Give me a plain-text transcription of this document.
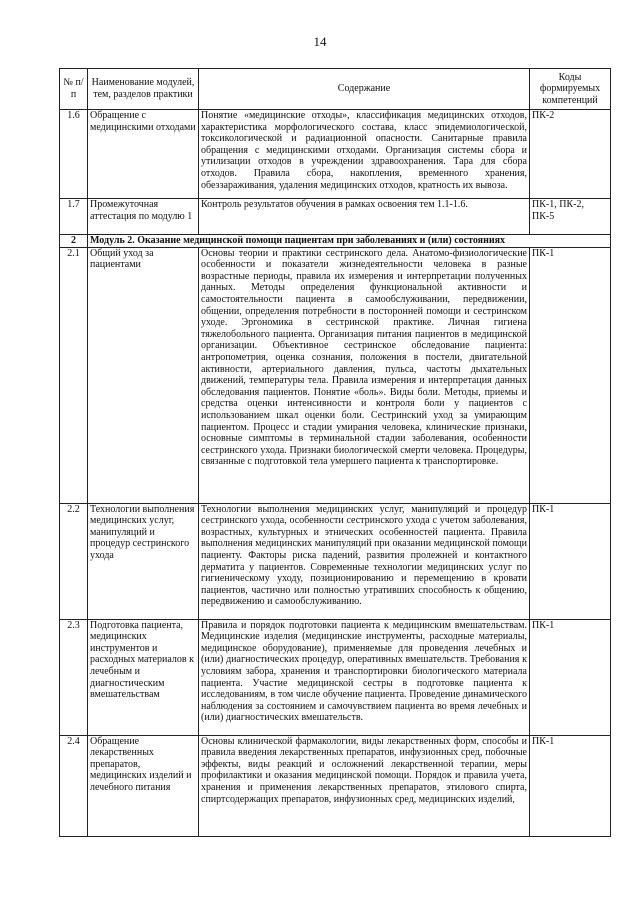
14
№ п/п	Наименование модулей, тем, разделов практики	Содержание	Коды формируемых компетенций
1.6	Обращение с медицинскими отходами	Понятие «медицинские отходы», классификация медицинских отходов, характеристика морфологического состава, класс эпидемиологической, токсикологической и радиационной опасности. Санитарные правила обращения с медицинскими отходами. Организация системы сбора и утилизации отходов в учреждении здравоохранения. Тара для сбора отходов. Правила сбора, накопления, временного хранения, обеззараживания, удаления медицинских отходов, кратность их вывоза.	ПК-2
1.7	Промежуточная аттестация по модулю 1	Контроль результатов обучения в рамках освоения тем 1.1-1.6.	ПК-1, ПК-2, ПК-5
2	Модуль 2. Оказание медицинской помощи пациентам при заболеваниях и (или) состояниях		
2.1	Общий уход за пациентами	Основы теории и практики сестринского дела. Анатомо-физиологические особенности и показатели жизнедеятельности человека в разные возрастные периоды, правила их измерения и интерпретации полученных данных. Методы определения функциональной активности и самостоятельности пациента в самообслуживании, передвижении, общении, определения потребности в посторонней помощи и сестринском уходе. Эргономика в сестринской практике. Личная гигиена тяжелобольного пациента. Организация питания пациентов в медицинской организации. Объективное сестринское обследование пациента: антропометрия, оценка сознания, положения в постели, двигательной активности, артериального давления, пульса, частоты дыхательных движений, температуры тела. Правила измерения и интерпретация данных обследования пациентов. Понятие «боль». Виды боли. Методы, приемы и средства оценки интенсивности и контроля боли у пациентов с использованием шкал оценки боли. Сестринский уход за умирающим пациентом. Процесс и стадии умирания человека, клинические признаки, основные симптомы в терминальной стадии заболевания, особенности сестринского ухода. Признаки биологической смерти человека. Процедуры, связанные с подготовкой тела умершего пациента к транспортировке.	ПК-1
2.2	Технологии выполнения медицинских услуг, манипуляций и процедур сестринского ухода	Технологии выполнения медицинских услуг, манипуляций и процедур сестринского ухода, особенности сестринского ухода с учетом заболевания, возрастных, культурных и этнических особенностей пациента. Правила выполнения медицинских манипуляций при оказании медицинской помощи пациенту. Факторы риска падений, развития пролежней и контактного дерматита у пациентов. Современные технологии медицинских услуг по гигиеническому уходу, позиционированию и перемещению в кровати пациентов, частично или полностью утративших способность к общению, передвижению и самообслуживанию.	ПК-1
2.3	Подготовка пациента, медицинских инструментов и расходных материалов к лечебным и диагностическим вмешательствам	Правила и порядок подготовки пациента к медицинским вмешательствам. Медицинские изделия (медицинские инструменты, расходные материалы, медицинское оборудование), применяемые для проведения лечебных и (или) диагностических процедур, оперативных вмешательств. Требования к условиям забора, хранения и транспортировки биологического материала пациента. Участие медицинской сестры в подготовке пациента к исследованиям, в том числе обучение пациента. Проведение динамического наблюдения за состоянием и самочувствием пациента во время лечебных и (или) диагностических вмешательств.	ПК-1
2.4	Обращение лекарственных препаратов, медицинских изделий и лечебного питания	Основы клинической фармакологии, виды лекарственных форм, способы и правила введения лекарственных препаратов, инфузионных сред, побочные эффекты, виды реакций и осложнений лекарственной терапии, меры профилактики и оказания медицинской помощи. Порядок и правила учета, хранения и применения лекарственных препаратов, этилового спирта, спиртсодержащих препаратов, инфузионных сред, медицинских изделий,	ПК-1
